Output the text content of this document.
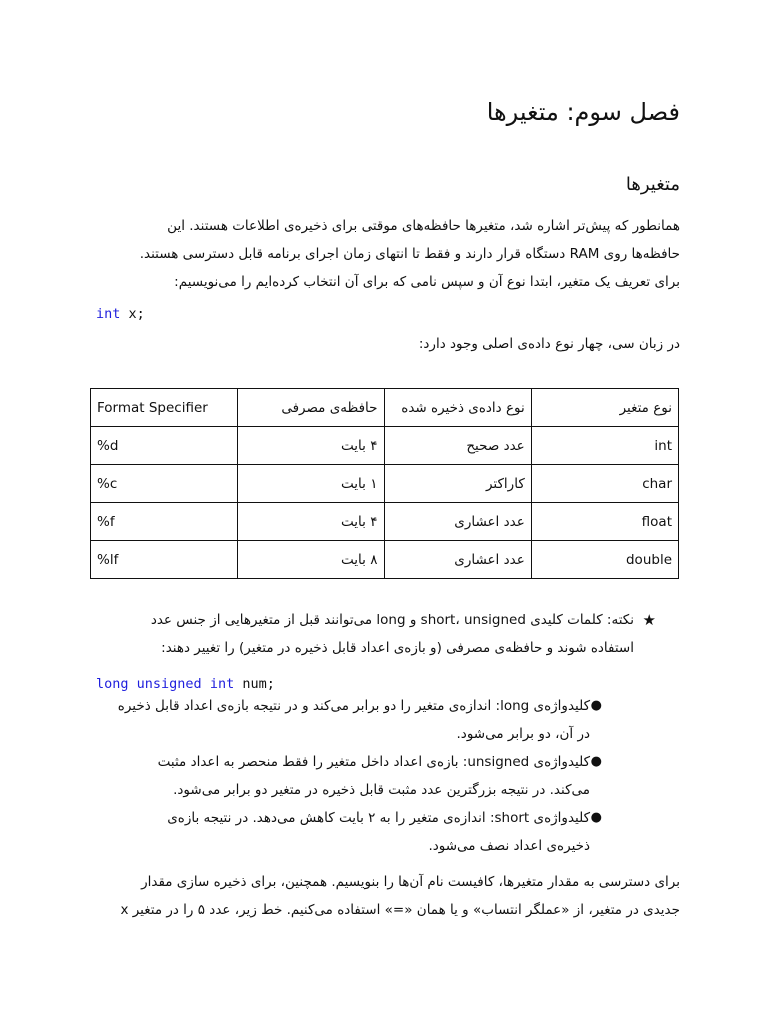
فصل سوم: متغیرها
متغیرها
همانطور که پیش‌تر اشاره شد، متغیرها حافظه‌های موقتی برای ذخیره‌ی اطلاعات هستند. این
حافظه‌ها روی RAM دستگاه قرار دارند و فقط تا انتهای زمان اجرای برنامه قابل دسترسی هستند.
برای تعریف یک متغیر، ابتدا نوع آن و سپس نامی که برای آن انتخاب کرده‌ایم را می‌نویسیم:
int x;
در زبان سی، چهار نوع داده‌ی اصلی وجود دارد:
نوع متغیر	نوع داده‌ی ذخیره شده	حافظه‌ی مصرفی	Format Specifier
int	عدد صحیح	۴ بایت	%d
char	کاراکتر	۱ بایت	%c
float	عدد اعشاری	۴ بایت	%f
double	عدد اعشاری	۸ بایت	%lf
★
نکته: کلمات کلیدی short، unsigned و long می‌توانند قبل از متغیرهایی از جنس عدد
استفاده شوند و حافظه‌ی مصرفی (و بازه‌ی اعداد قابل ذخیره در متغیر) را تغییر دهند:
long unsigned int num;
●
کلیدواژه‌ی long: اندازه‌ی متغیر را دو برابر می‌کند و در نتیجه بازه‌ی اعداد قابل ذخیره
در آن، دو برابر می‌شود.
●
کلیدواژه‌ی unsigned: بازه‌ی اعداد داخل متغیر را فقط منحصر به اعداد مثبت
می‌کند. در نتیجه بزرگترین عدد مثبت قابل ذخیره در متغیر دو برابر می‌شود.
●
کلیدواژه‌ی short: اندازه‌ی متغیر را به ۲ بایت کاهش می‌دهد. در نتیجه بازه‌ی
ذخیره‌ی اعداد نصف می‌شود.
برای دسترسی به مقدار متغیرها، کافیست نام آن‌ها را بنویسیم. همچنین، برای ذخیره سازی مقدار
جدیدی در متغیر، از «عملگر انتساب» و یا همان «=» استفاده می‌کنیم. خط زیر، عدد ۵ را در متغیر x
